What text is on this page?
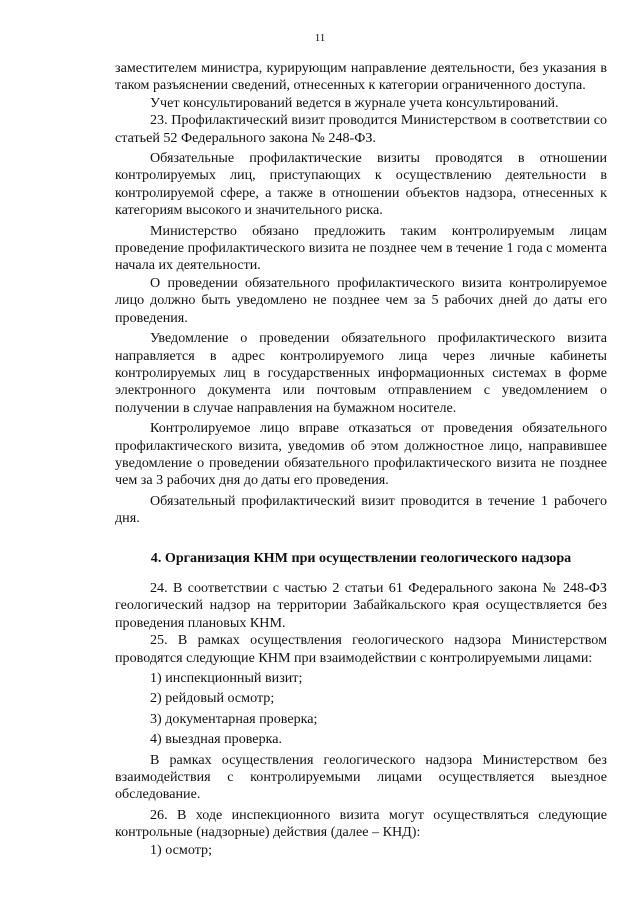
11

заместителем министра, курирующим направление деятельности, без указания в таком разъяснении сведений, отнесенных к категории ограниченного доступа.

Учет консультирований ведется в журнале учета консультирований.

23. Профилактический визит проводится Министерством в соответствии со статьей 52 Федерального закона № 248-ФЗ.

Обязательные профилактические визиты проводятся в отношении контролируемых лиц, приступающих к осуществлению деятельности в контролируемой сфере, а также в отношении объектов надзора, отнесенных к категориям высокого и значительного риска.

Министерство обязано предложить таким контролируемым лицам проведение профилактического визита не позднее чем в течение 1 года с момента начала их деятельности.

О проведении обязательного профилактического визита контролируемое лицо должно быть уведомлено не позднее чем за 5 рабочих дней до даты его проведения.

Уведомление о проведении обязательного профилактического визита направляется в адрес контролируемого лица через личные кабинеты контролируемых лиц в государственных информационных системах в форме электронного документа или почтовым отправлением с уведомлением о получении в случае направления на бумажном носителе.

Контролируемое лицо вправе отказаться от проведения обязательного профилактического визита, уведомив об этом должностное лицо, направившее уведомление о проведении обязательного профилактического визита не позднее чем за 3 рабочих дня до даты его проведения.

Обязательный профилактический визит проводится в течение 1 рабочего дня.

4. Организация КНМ при осуществлении геологического надзора

24. В соответствии с частью 2 статьи 61 Федерального закона № 248-ФЗ геологический надзор на территории Забайкальского края осуществляется без проведения плановых КНМ.

25. В рамках осуществления геологического надзора Министерством проводятся следующие КНМ при взаимодействии с контролируемыми лицами:

1) инспекционный визит;

2) рейдовый осмотр;

3) документарная проверка;

4) выездная проверка.

В рамках осуществления геологического надзора Министерством без взаимодействия с контролируемыми лицами осуществляется выездное обследование.

26. В ходе инспекционного визита могут осуществляться следующие контрольные (надзорные) действия (далее – КНД):

1) осмотр;
